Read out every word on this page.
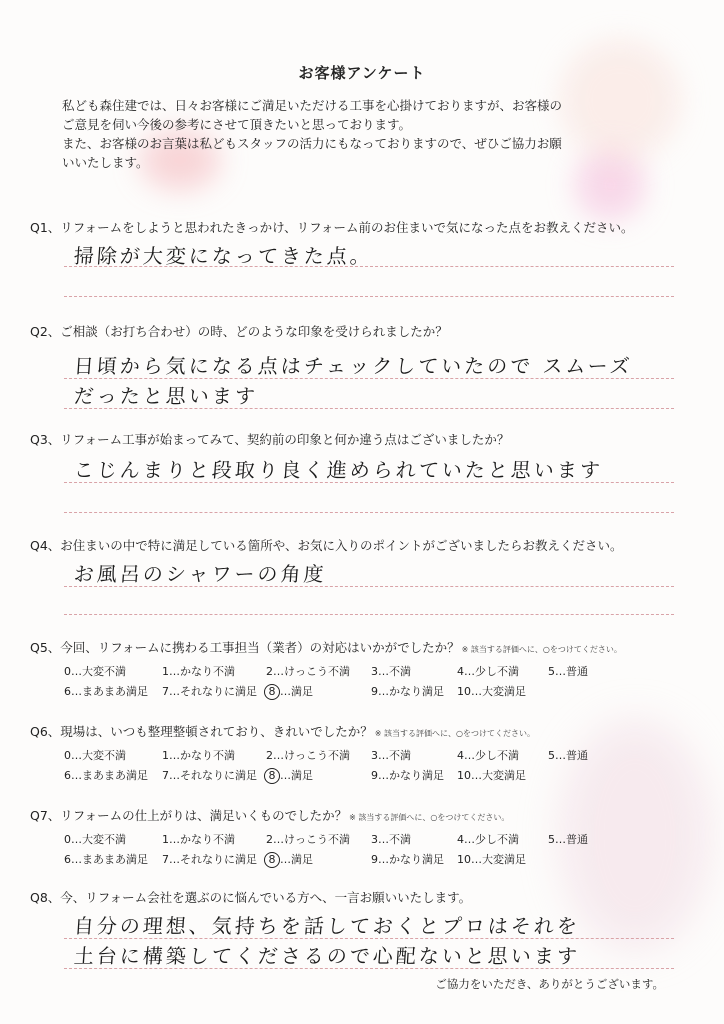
お客様アンケート
私ども森住建では、日々お客様にご満足いただける工事を心掛けておりますが、お客様の
ご意見を伺い今後の参考にさせて頂きたいと思っております。
また、お客様のお言葉は私どもスタッフの活力にもなっておりますので、ぜひご協力お願
いいたします。
Q1、リフォームをしようと思われたきっかけ、リフォーム前のお住まいで気になった点をお教えください。
掃除が大変になってきた点。
Q2、ご相談（お打ち合わせ）の時、どのような印象を受けられましたか？
日頃から気になる点はチェックしていたので スムーズ
だったと思います
Q3、リフォーム工事が始まってみて、契約前の印象と何か違う点はございましたか？
こじんまりと段取り良く進められていたと思います
Q4、お住まいの中で特に満足している箇所や、お気に入りのポイントがございましたらお教えください。
お風呂のシャワーの角度
Q5、今回、リフォームに携わる工事担当（業者）の対応はいかがでしたか？ ※ 該当する評価へに、○をつけてください。
0…大変不満	1…かなり不満	2…けっこう不満 3…不満	4…少し不満	5…普通
6…まあまあ満足 7…それなりに満足 8 …満足	9…かなり満足 10…大変満足
Q6、現場は、いつも整理整頓されており、きれいでしたか？ ※ 該当する評価へに、○をつけてください。
0…大変不満	1…かなり不満	2…けっこう不満 3…不満	4…少し不満	5…普通
6…まあまあ満足 7…それなりに満足 8 …満足	9…かなり満足 10…大変満足
Q7、リフォームの仕上がりは、満足いくものでしたか？ ※ 該当する評価へに、○をつけてください。
0…大変不満	1…かなり不満	2…けっこう不満 3…不満	4…少し不満	5…普通
6…まあまあ満足 7…それなりに満足 8 …満足	9…かなり満足 10…大変満足
Q8、今、リフォーム会社を選ぶのに悩んでいる方へ、一言お願いいたします。
自分の理想、気持ちを話しておくとプロはそれを
土台に構築してくださるので心配ないと思います
ご協力をいただき、ありがとうございます。
